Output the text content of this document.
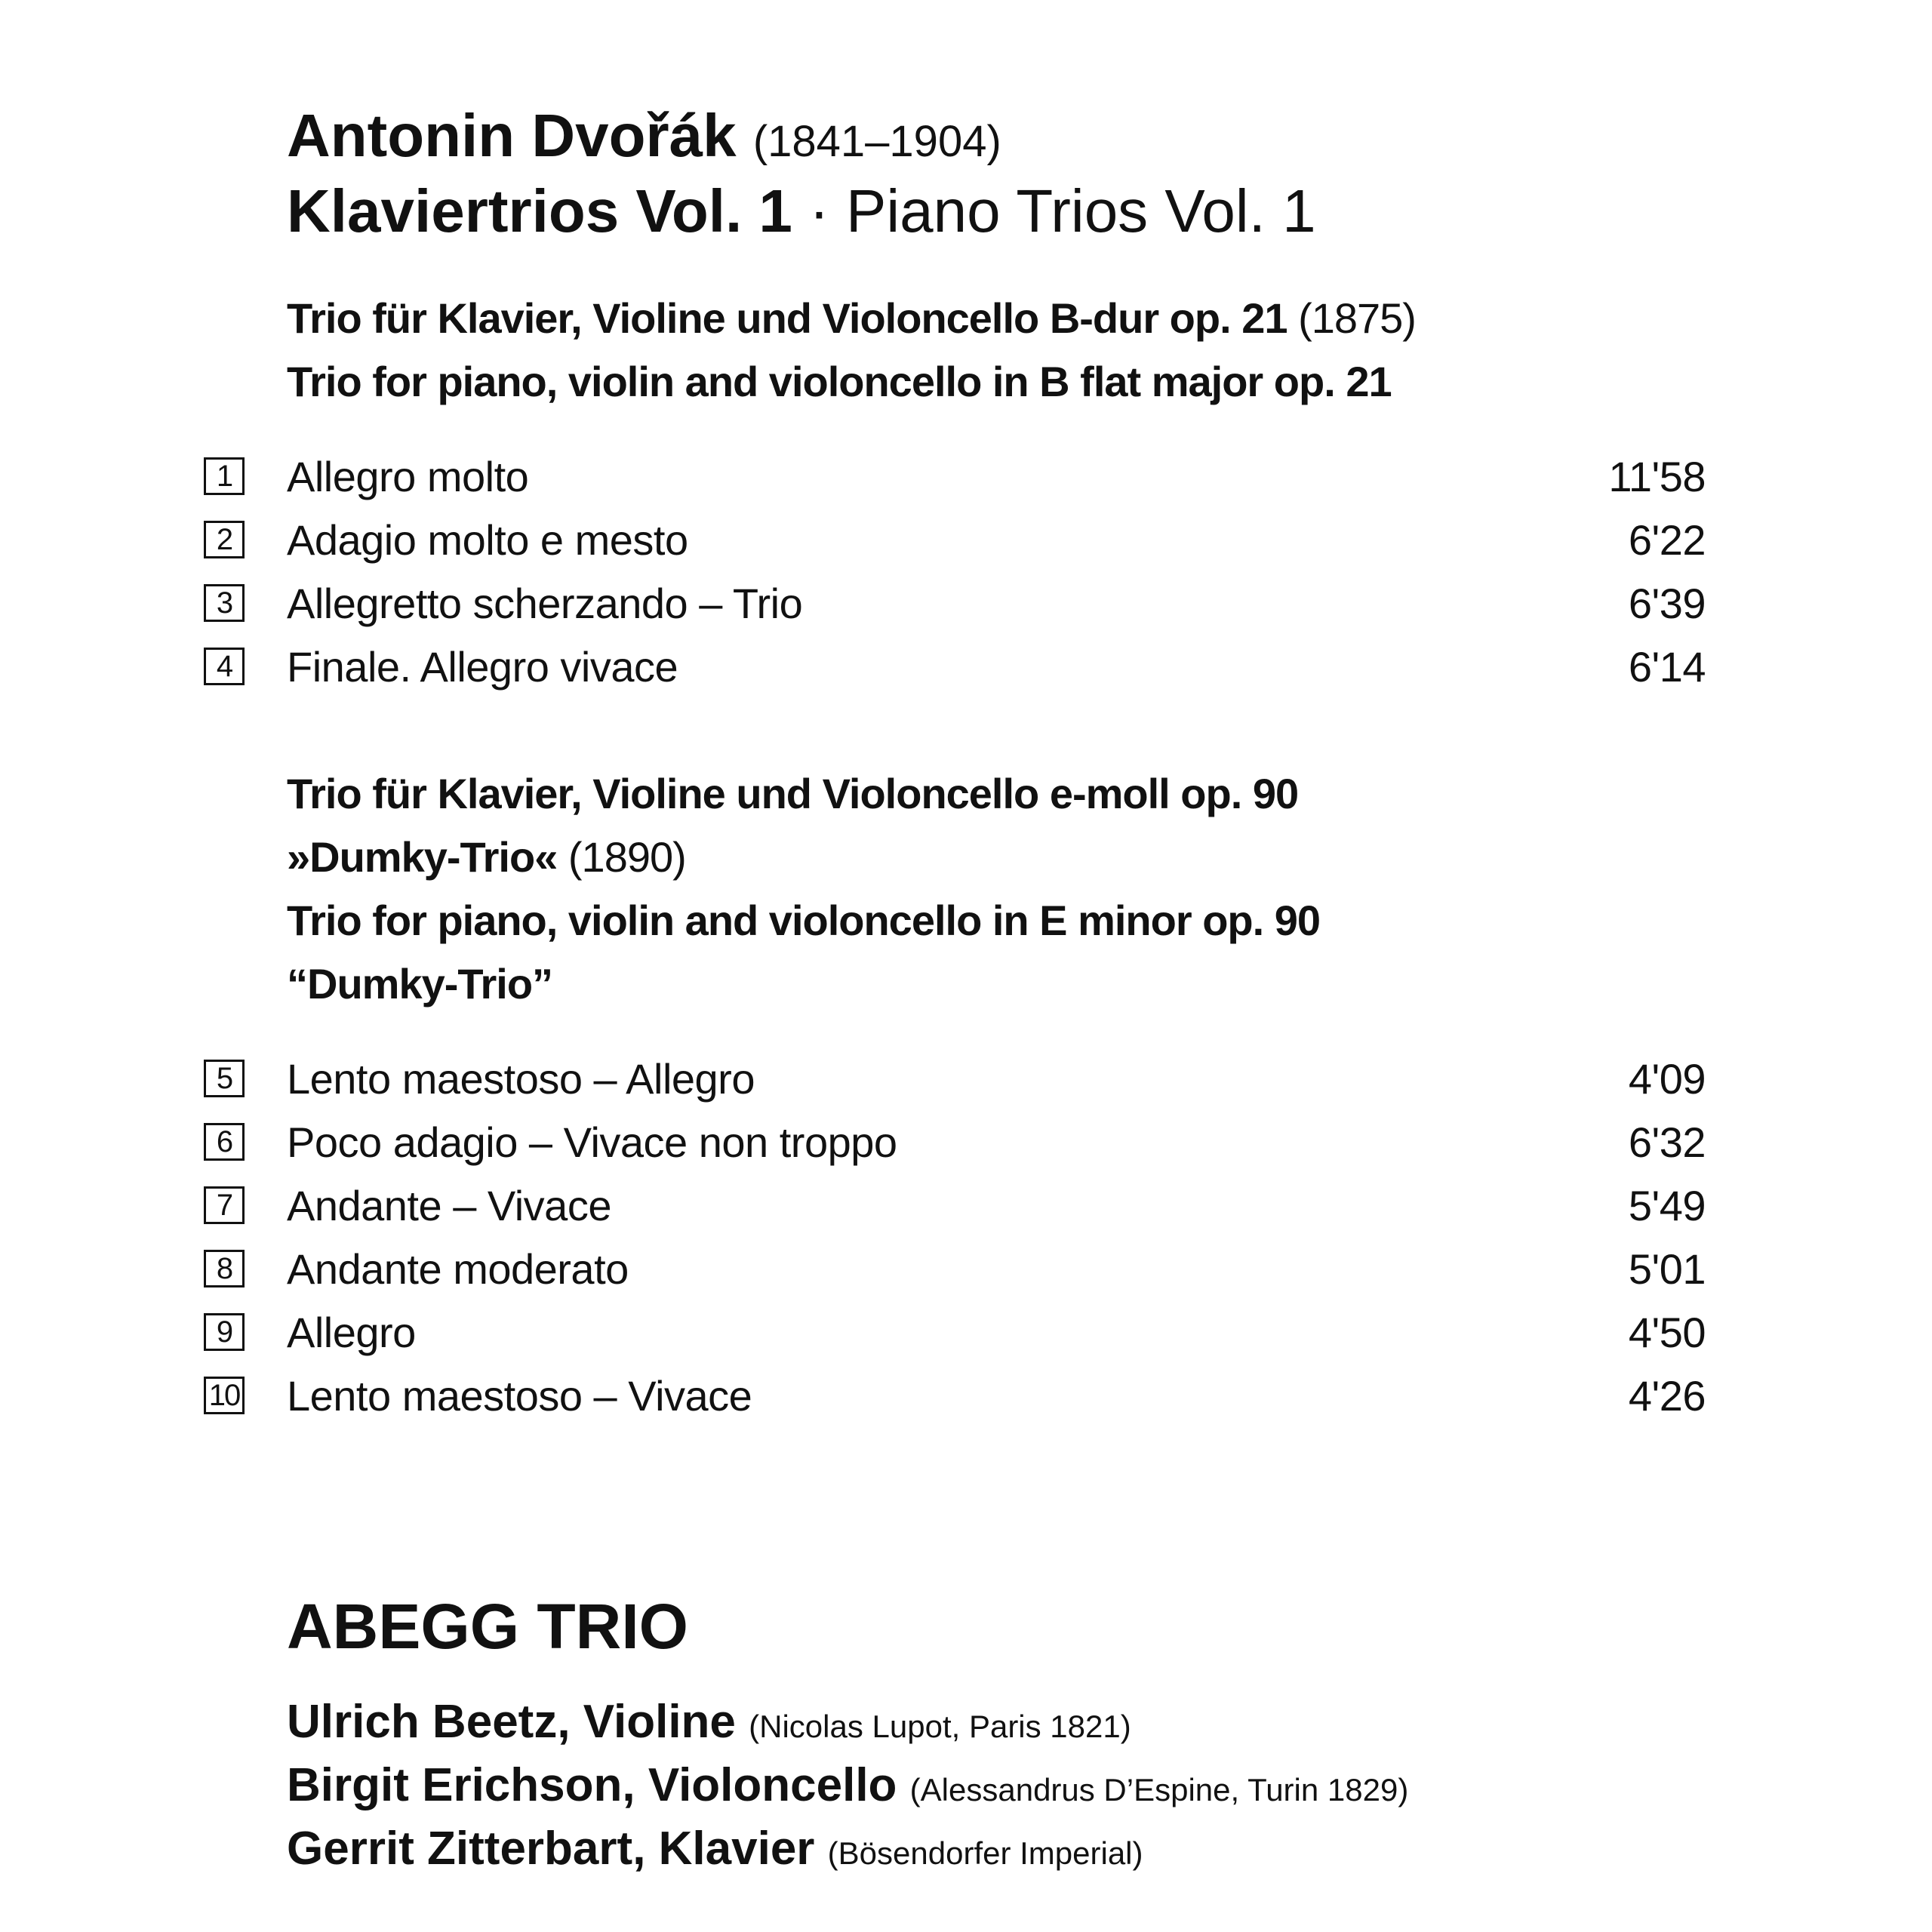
Antonin Dvořák (1841–1904)
Klaviertrios Vol. 1 · Piano Trios Vol. 1
Trio für Klavier, Violine und Violoncello B-dur op. 21 (1875)
Trio for piano, violin and violoncello in B flat major op. 21
1	Allegro molto	11'58
2	Adagio molto e mesto	6'22
3	Allegretto scherzando – Trio	6'39
4	Finale. Allegro vivace	6'14
Trio für Klavier, Violine und Violoncello e-moll op. 90
»Dumky-Trio« (1890)
Trio for piano, violin and violoncello in E minor op. 90
“Dumky-Trio”
5	Lento maestoso – Allegro	4'09
6	Poco adagio – Vivace non troppo	6'32
7	Andante – Vivace	5'49
8	Andante moderato	5'01
9	Allegro	4'50
10 Lento maestoso – Vivace	4'26
ABEGG TRIO
Ulrich Beetz, Violine (Nicolas Lupot, Paris 1821)
Birgit Erichson, Violoncello (Alessandrus D’Espine, Turin 1829)
Gerrit Zitterbart, Klavier (Bösendorfer Imperial)
